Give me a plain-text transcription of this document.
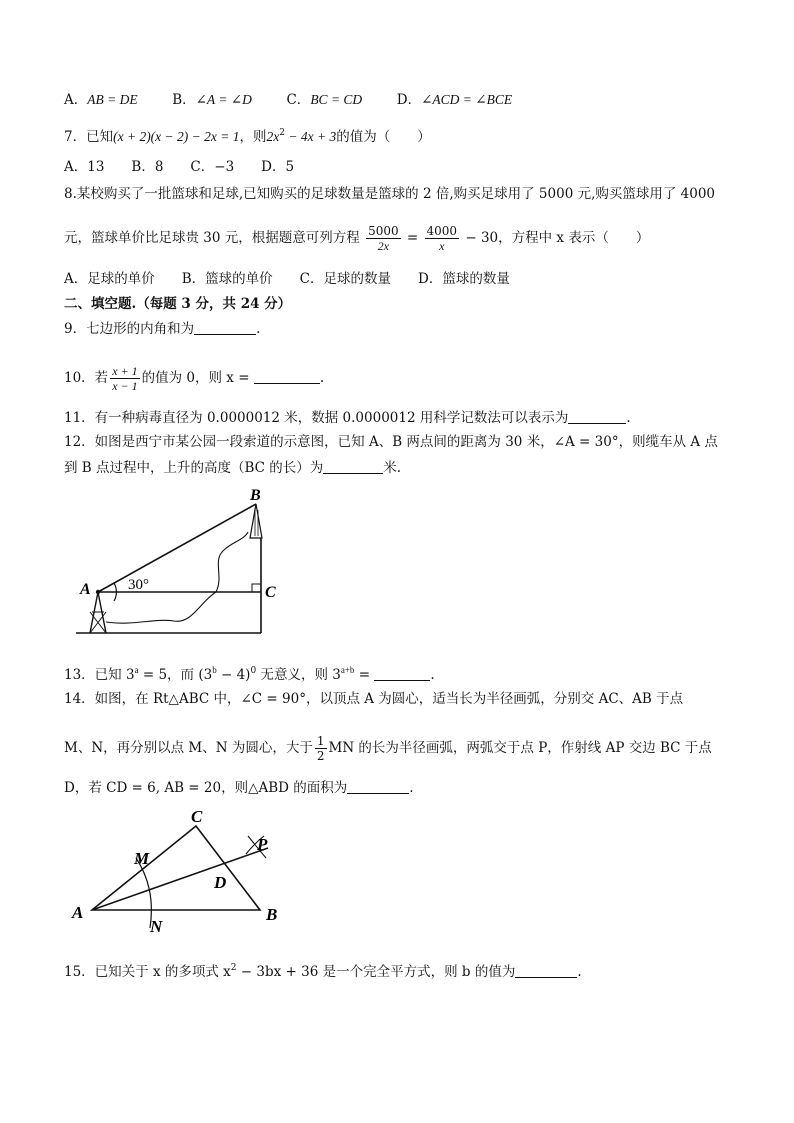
A．AB = DE	B．∠A = ∠D	C．BC = CD	D．∠ACD = ∠BCE
7．已知(x + 2)(x − 2) − 2x = 1，则$2x^2 - 4x + 3$的值为（　　）
A．13　　B．8　　C．−3　　D．5
8.某校购买了一批篮球和足球,已知购买的足球数量是篮球的 2 倍,购买足球用了 5000 元,购买篮球用了 4000
元，篮球单价比足球贵 30 元，根据题意可列方程 $\frac{5000}{2x} = \frac{4000}{x} - 30$，方程中 x 表示（　　）
A．足球的单价　　B．篮球的单价　　C．足球的数量　　D．篮球的数量
二、填空题.（每题 3 分，共 24 分）
9．七边形的内角和为	.
10．若 $\frac{x + 1}{x - 1}$ 的值为 0，则 x =	.
11．有一种病毒直径为 0.0000012 米，数据 0.0000012 用科学记数法可以表示为	.
12．如图是西宁市某公园一段索道的示意图，已知 A、B 两点间的距离为 30 米，∠A = 30°，则缆车从 A 点
到 B 点过程中，上升的高度（BC 的长）为	米.
A
B
C
30°
13．已知 $3^a = 5$，而 $(3^b - 4)^0$ 无意义，则 $3^{a+b}$ =	.
14．如图，在 Rt△ABC 中，∠C = 90°，以顶点 A 为圆心，适当长为半径画弧，分别交 AC、AB 于点
M、N，再分别以点 M、N 为圆心，大于 $\frac{1}{2}$ MN 的长为半径画弧，两弧交于点 P，作射线 AP 交边 BC 于点
D，若 CD = 6, AB = 20，则△ABD 的面积为	.
A	B
C
M
N
D
P
15．已知关于 x 的多项式 $x^2 - 3bx + 36$ 是一个完全平方式，则 b 的值为	.
